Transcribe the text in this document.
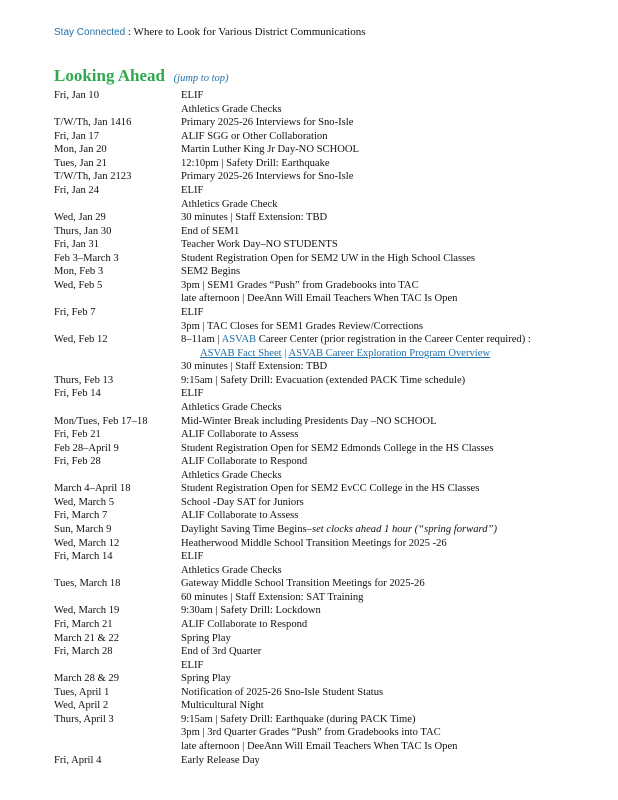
Stay Connected : Where to Look for Various District Communications
Looking Ahead (jump to top)
Fri, Jan 10	ELIF
Athletics Grade Checks
T/W/Th, Jan 1416	Primary 2025-26 Interviews for Sno-Isle
Fri, Jan 17	ALIF SGG or Other Collaboration
Mon, Jan 20	Martin Luther King Jr Day-NO SCHOOL
Tues, Jan 21	12:10pm | Safety Drill: Earthquake
T/W/Th, Jan 2123	Primary 2025-26 Interviews for Sno-Isle
Fri, Jan 24	ELIF
Athletics Grade Check
Wed, Jan 29	30 minutes | Staff Extension: TBD
Thurs, Jan 30	End of SEM1
Fri, Jan 31	Teacher Work Day–NO STUDENTS
Feb 3–March 3	Student Registration Open for SEM2 UW in the High School Classes
Mon, Feb 3	SEM2 Begins
Wed, Feb 5	3pm | SEM1 Grades “Push” from Gradebooks into TAC
late afternoon | DeeAnn Will Email Teachers When TAC Is Open
Fri, Feb 7	ELIF
3pm | TAC Closes for SEM1 Grades Review/Corrections
Wed, Feb 12	8–11am | ASVAB Career Center (prior registration in the Career Center required) :
ASVAB Fact Sheet | ASVAB Career Exploration Program Overview
30 minutes | Staff Extension: TBD
Thurs, Feb 13	9:15am | Safety Drill: Evacuation (extended PACK Time schedule)
Fri, Feb 14	ELIF
Athletics Grade Checks
Mon/Tues, Feb 17–18	Mid-Winter Break including Presidents Day –NO SCHOOL
Fri, Feb 21	ALIF Collaborate to Assess
Feb 28–April 9	Student Registration Open for SEM2 Edmonds College in the HS Classes
Fri, Feb 28	ALIF Collaborate to Respond
Athletics Grade Checks
March 4–April 18	Student Registration Open for SEM2 EvCC College in the HS Classes
Wed, March 5	School -Day SAT for Juniors
Fri, March 7	ALIF Collaborate to Assess
Sun, March 9	Daylight Saving Time Begins–set clocks ahead 1 hour (“spring forward”)
Wed, March 12	Heatherwood Middle School Transition Meetings for 2025 -26
Fri, March 14	ELIF
Athletics Grade Checks
Tues, March 18	Gateway Middle School Transition Meetings for 2025-26
60 minutes | Staff Extension: SAT Training
Wed, March 19	9:30am | Safety Drill: Lockdown
Fri, March 21	ALIF Collaborate to Respond
March 21 & 22	Spring Play
Fri, March 28	End of 3rd Quarter
ELIF
March 28 & 29	Spring Play
Tues, April 1	Notification of 2025-26 Sno-Isle Student Status
Wed, April 2	Multicultural Night
Thurs, April 3	9:15am | Safety Drill: Earthquake (during PACK Time)
3pm | 3rd Quarter Grades “Push” from Gradebooks into TAC
late afternoon | DeeAnn Will Email Teachers When TAC Is Open
Fri, April 4	Early Release Day
